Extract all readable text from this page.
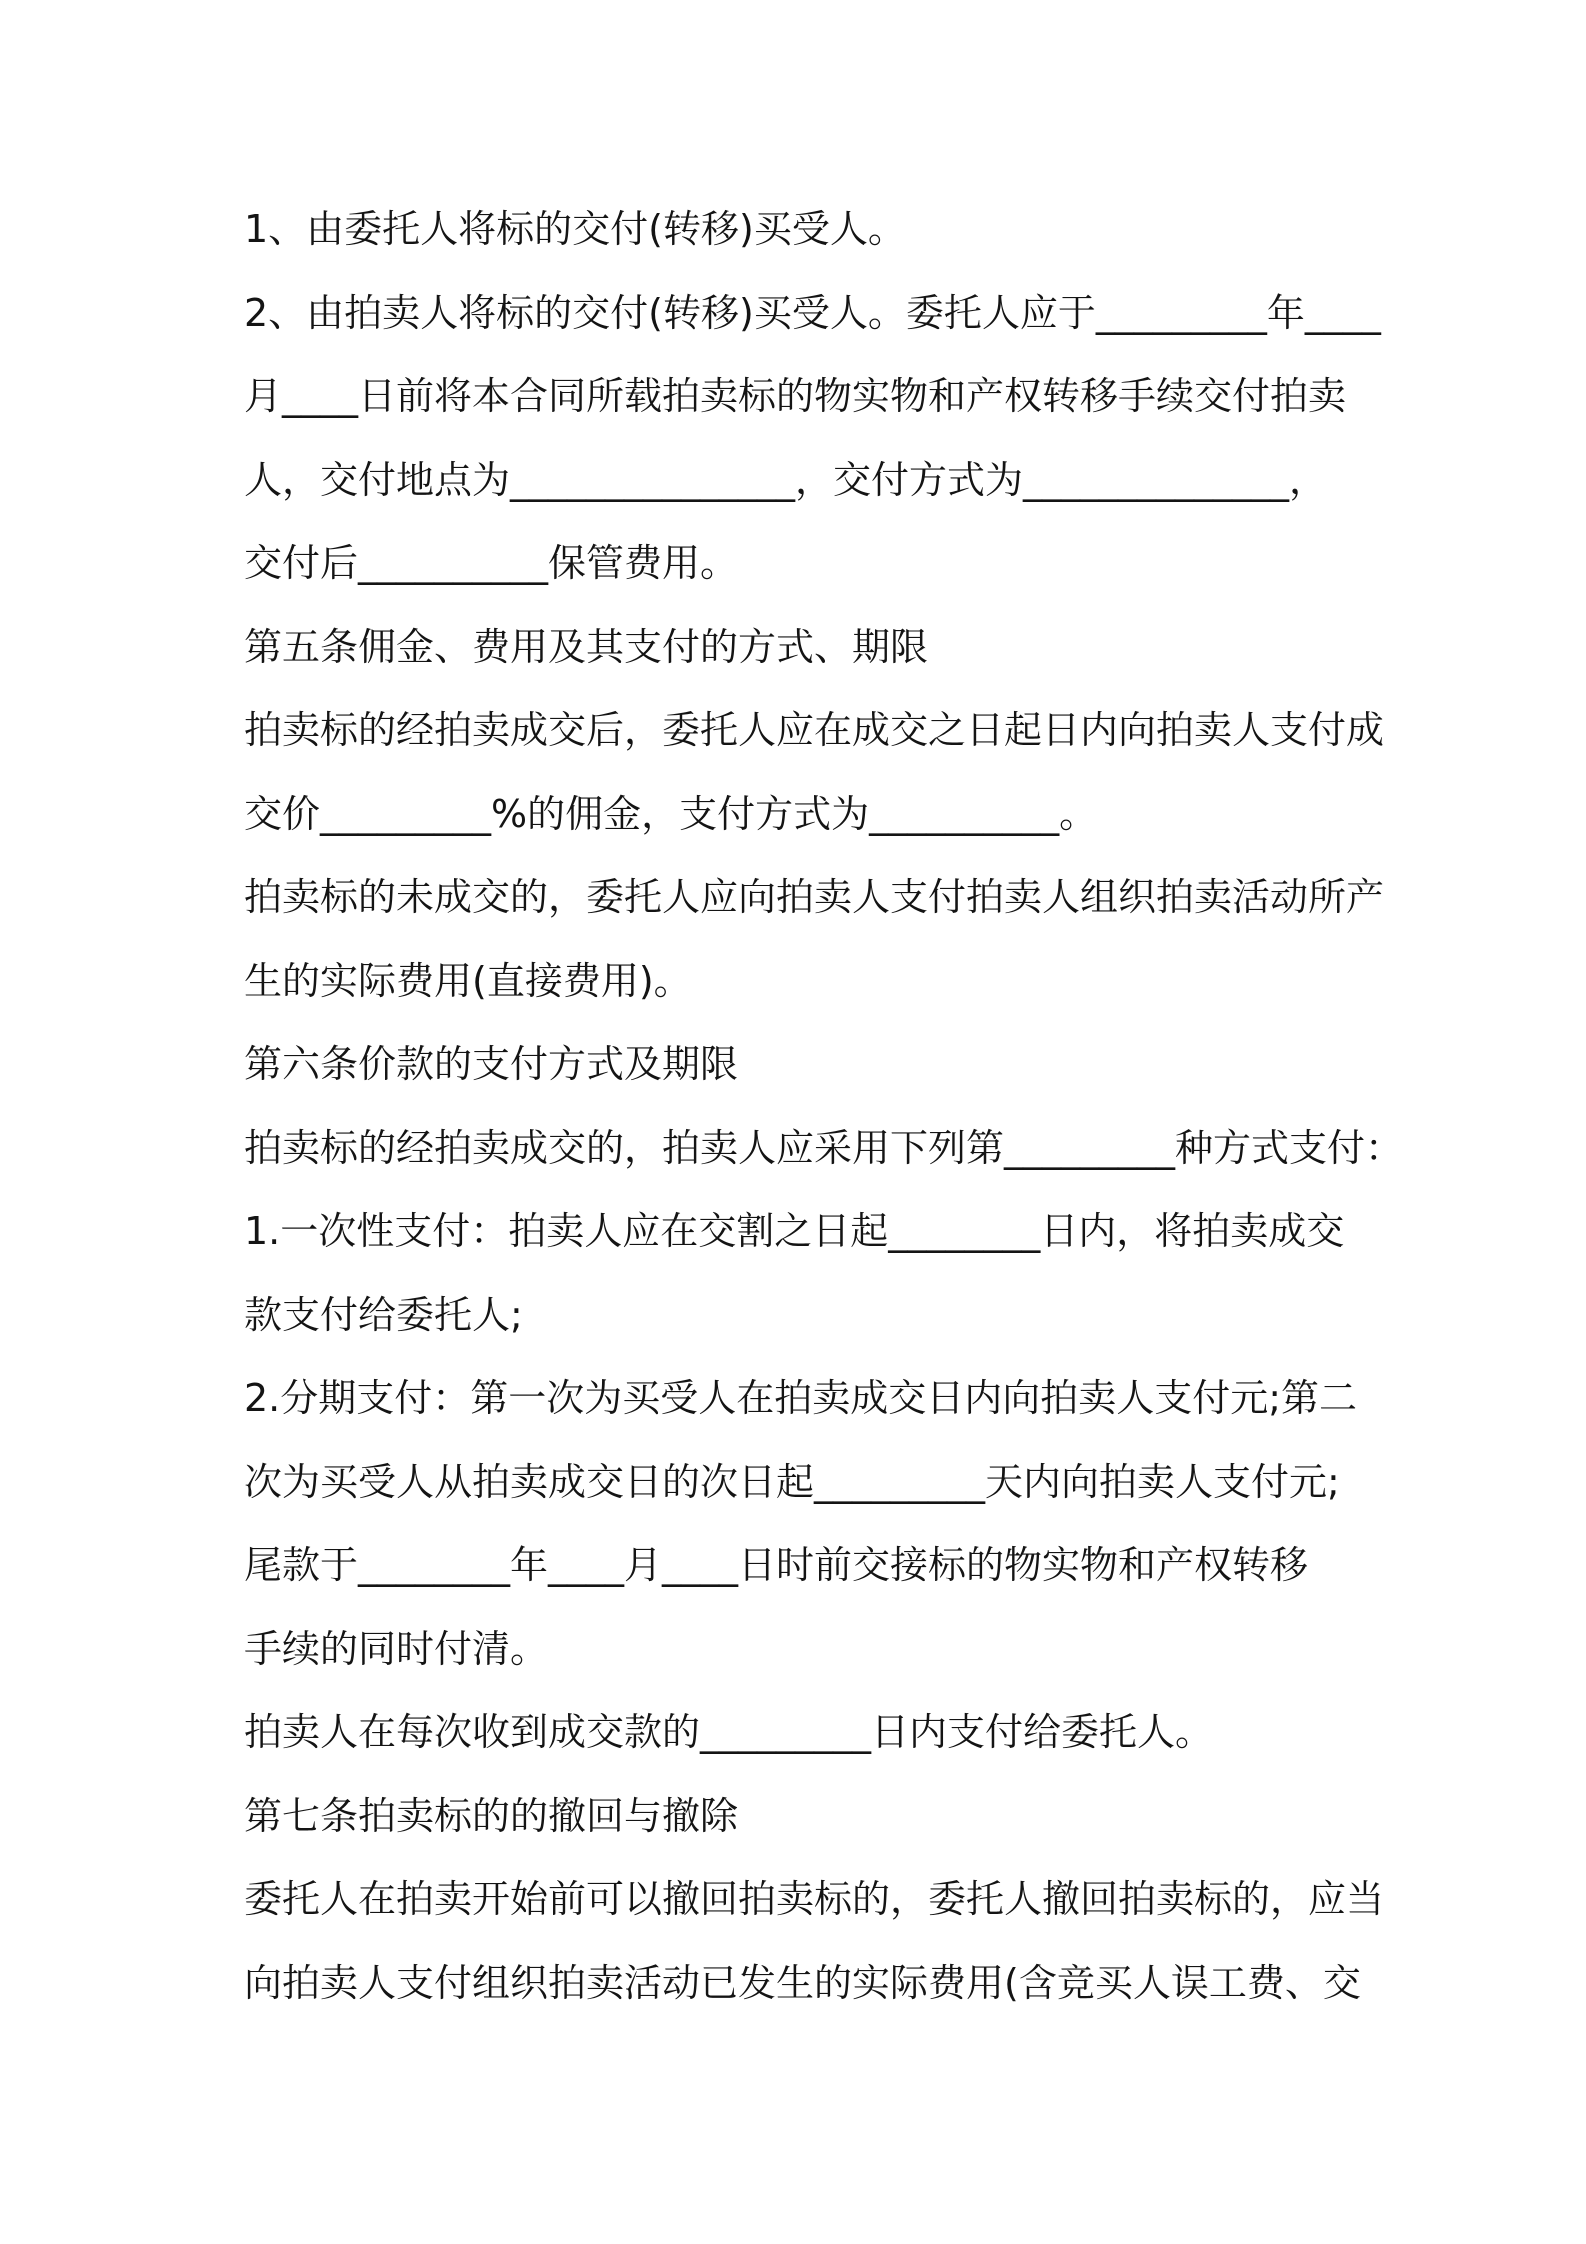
1、由委托人将标的交付(转移)买受人。
2、由拍卖人将标的交付(转移)买受人。委托人应于_________年____
月____日前将本合同所载拍卖标的物实物和产权转移手续交付拍卖
人，交付地点为_______________，交付方式为______________，
交付后__________保管费用。
第五条佣金、费用及其支付的方式、期限
拍卖标的经拍卖成交后，委托人应在成交之日起日内向拍卖人支付成
交价_________%的佣金，支付方式为__________。
拍卖标的未成交的，委托人应向拍卖人支付拍卖人组织拍卖活动所产
生的实际费用(直接费用)。
第六条价款的支付方式及期限
拍卖标的经拍卖成交的，拍卖人应采用下列第_________种方式支付：
1.一次性支付：拍卖人应在交割之日起________日内，将拍卖成交
款支付给委托人;
2.分期支付：第一次为买受人在拍卖成交日内向拍卖人支付元;第二
次为买受人从拍卖成交日的次日起_________天内向拍卖人支付元;
尾款于________年____月____日时前交接标的物实物和产权转移
手续的同时付清。
拍卖人在每次收到成交款的_________日内支付给委托人。
第七条拍卖标的的撤回与撤除
委托人在拍卖开始前可以撤回拍卖标的，委托人撤回拍卖标的，应当
向拍卖人支付组织拍卖活动已发生的实际费用(含竞买人误工费、交
